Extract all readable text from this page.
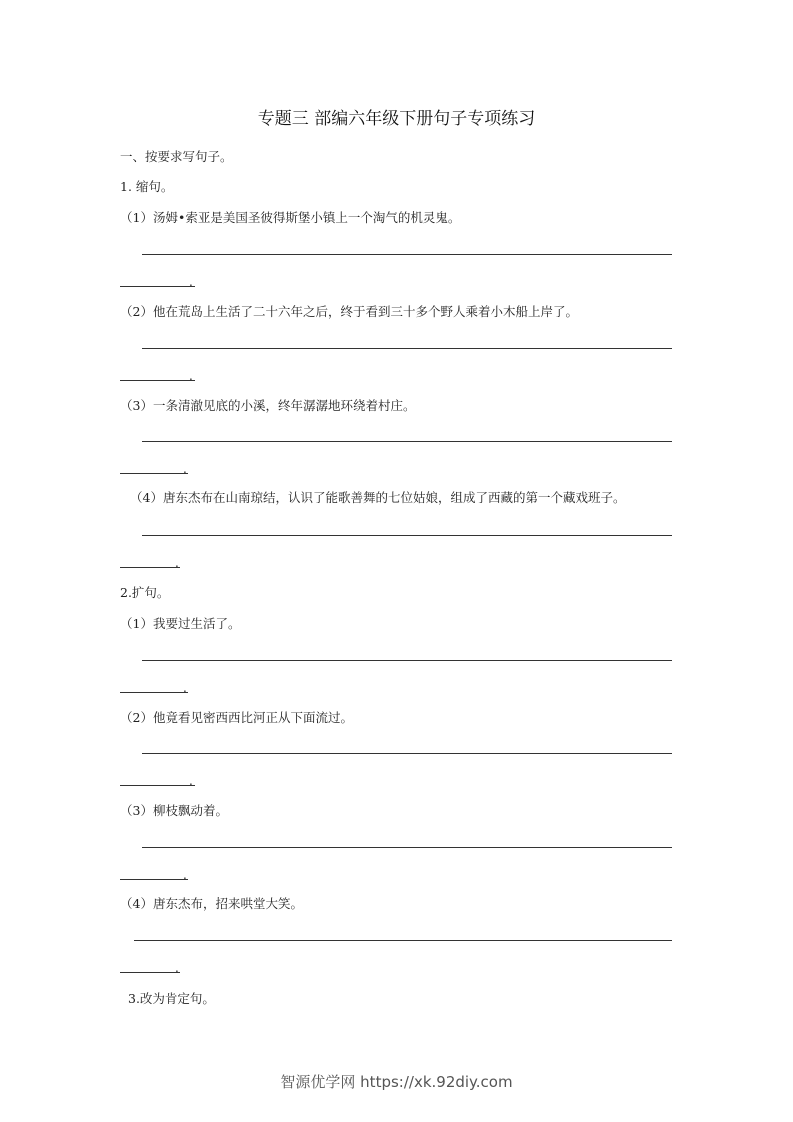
专题三 部编六年级下册句子专项练习
一、按要求写句子。
1. 缩句。
（1）汤姆•索亚是美国圣彼得斯堡小镇上一个淘气的机灵鬼。
.
（2）他在荒岛上生活了二十六年之后，终于看到三十多个野人乘着小木船上岸了。
.
（3）一条清澈见底的小溪，终年潺潺地环绕着村庄。
.
（4）唐东杰布在山南琼结，认识了能歌善舞的七位姑娘，组成了西藏的第一个藏戏班子。
.
2.扩句。
（1）我要过生活了。
.
（2）他竟看见密西西比河正从下面流过。
.
（3）柳枝飘动着。
.
（4）唐东杰布，招来哄堂大笑。
.
3.改为肯定句。
智源优学网 https://xk.92diy.com
